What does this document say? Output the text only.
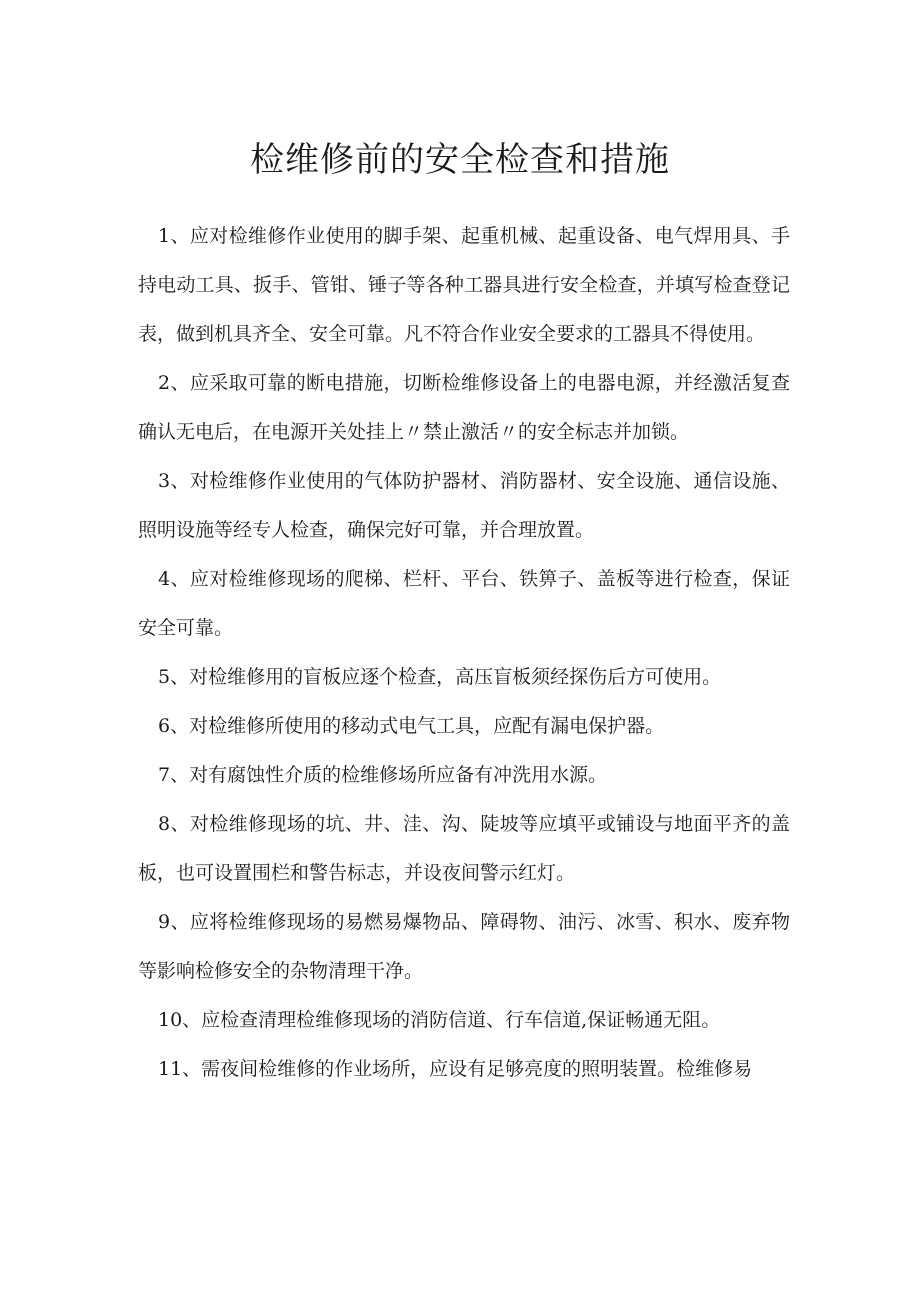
检维修前的安全检查和措施

1、应对检维修作业使用的脚手架、起重机械、起重设备、电气焊用具、手持电动工具、扳手、管钳、锤子等各种工器具进行安全检查，并填写检查登记表，做到机具齐全、安全可靠。凡不符合作业安全要求的工器具不得使用。

2、应采取可靠的断电措施，切断检维修设备上的电器电源，并经激活复查确认无电后，在电源开关处挂上〃禁止激活〃的安全标志并加锁。

3、对检维修作业使用的气体防护器材、消防器材、安全设施、通信设施、照明设施等经专人检查，确保完好可靠，并合理放置。

4、应对检维修现场的爬梯、栏杆、平台、铁箅子、盖板等进行检查，保证安全可靠。

5、对检维修用的盲板应逐个检查，高压盲板须经探伤后方可使用。

6、对检维修所使用的移动式电气工具，应配有漏电保护器。

7、对有腐蚀性介质的检维修场所应备有冲洗用水源。

8、对检维修现场的坑、井、洼、沟、陡坡等应填平或铺设与地面平齐的盖板，也可设置围栏和警告标志，并设夜间警示红灯。

9、应将检维修现场的易燃易爆物品、障碍物、油污、冰雪、积水、废弃物等影响检修安全的杂物清理干净。

10、应检查清理检维修现场的消防信道、行车信道,保证畅通无阻。

11、需夜间检维修的作业场所，应设有足够亮度的照明装置。检维修易
